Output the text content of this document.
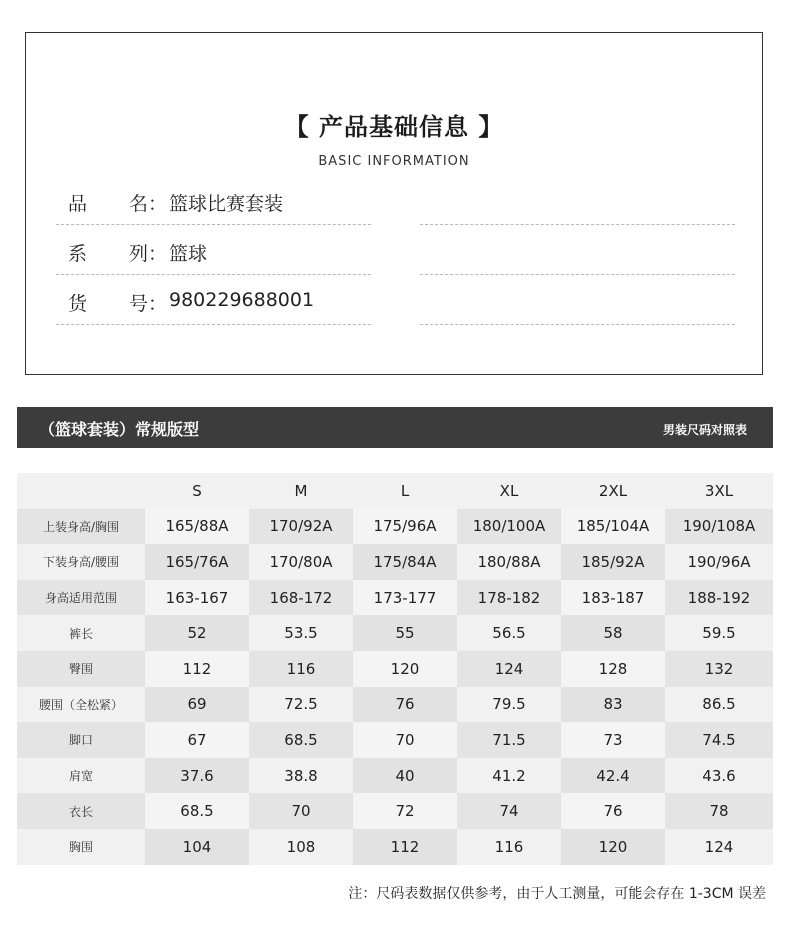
【 产品基础信息 】
BASIC INFORMATION
品 名 ： 篮球比赛套装
系 列 ： 篮球
货 号 ： 980229688001
（篮球套装）常规版型	男装尺码对照表
	S	M	L	XL	2XL	3XL
上装身高/胸围	165/88A	170/92A	175/96A	180/100A	185/104A	190/108A
下装身高/腰围	165/76A	170/80A	175/84A	180/88A	185/92A	190/96A
身高适用范围	163-167	168-172	173-177	178-182	183-187	188-192
裤长	52	53.5	55	56.5	58	59.5
臀围	112	116	120	124	128	132
腰围（全松紧）	69	72.5	76	79.5	83	86.5
脚口	67	68.5	70	71.5	73	74.5
肩宽	37.6	38.8	40	41.2	42.4	43.6
衣长	68.5	70	72	74	76	78
胸围	104	108	112	116	120	124
注：尺码表数据仅供参考，由于人工测量，可能会存在 1-3CM 误差
